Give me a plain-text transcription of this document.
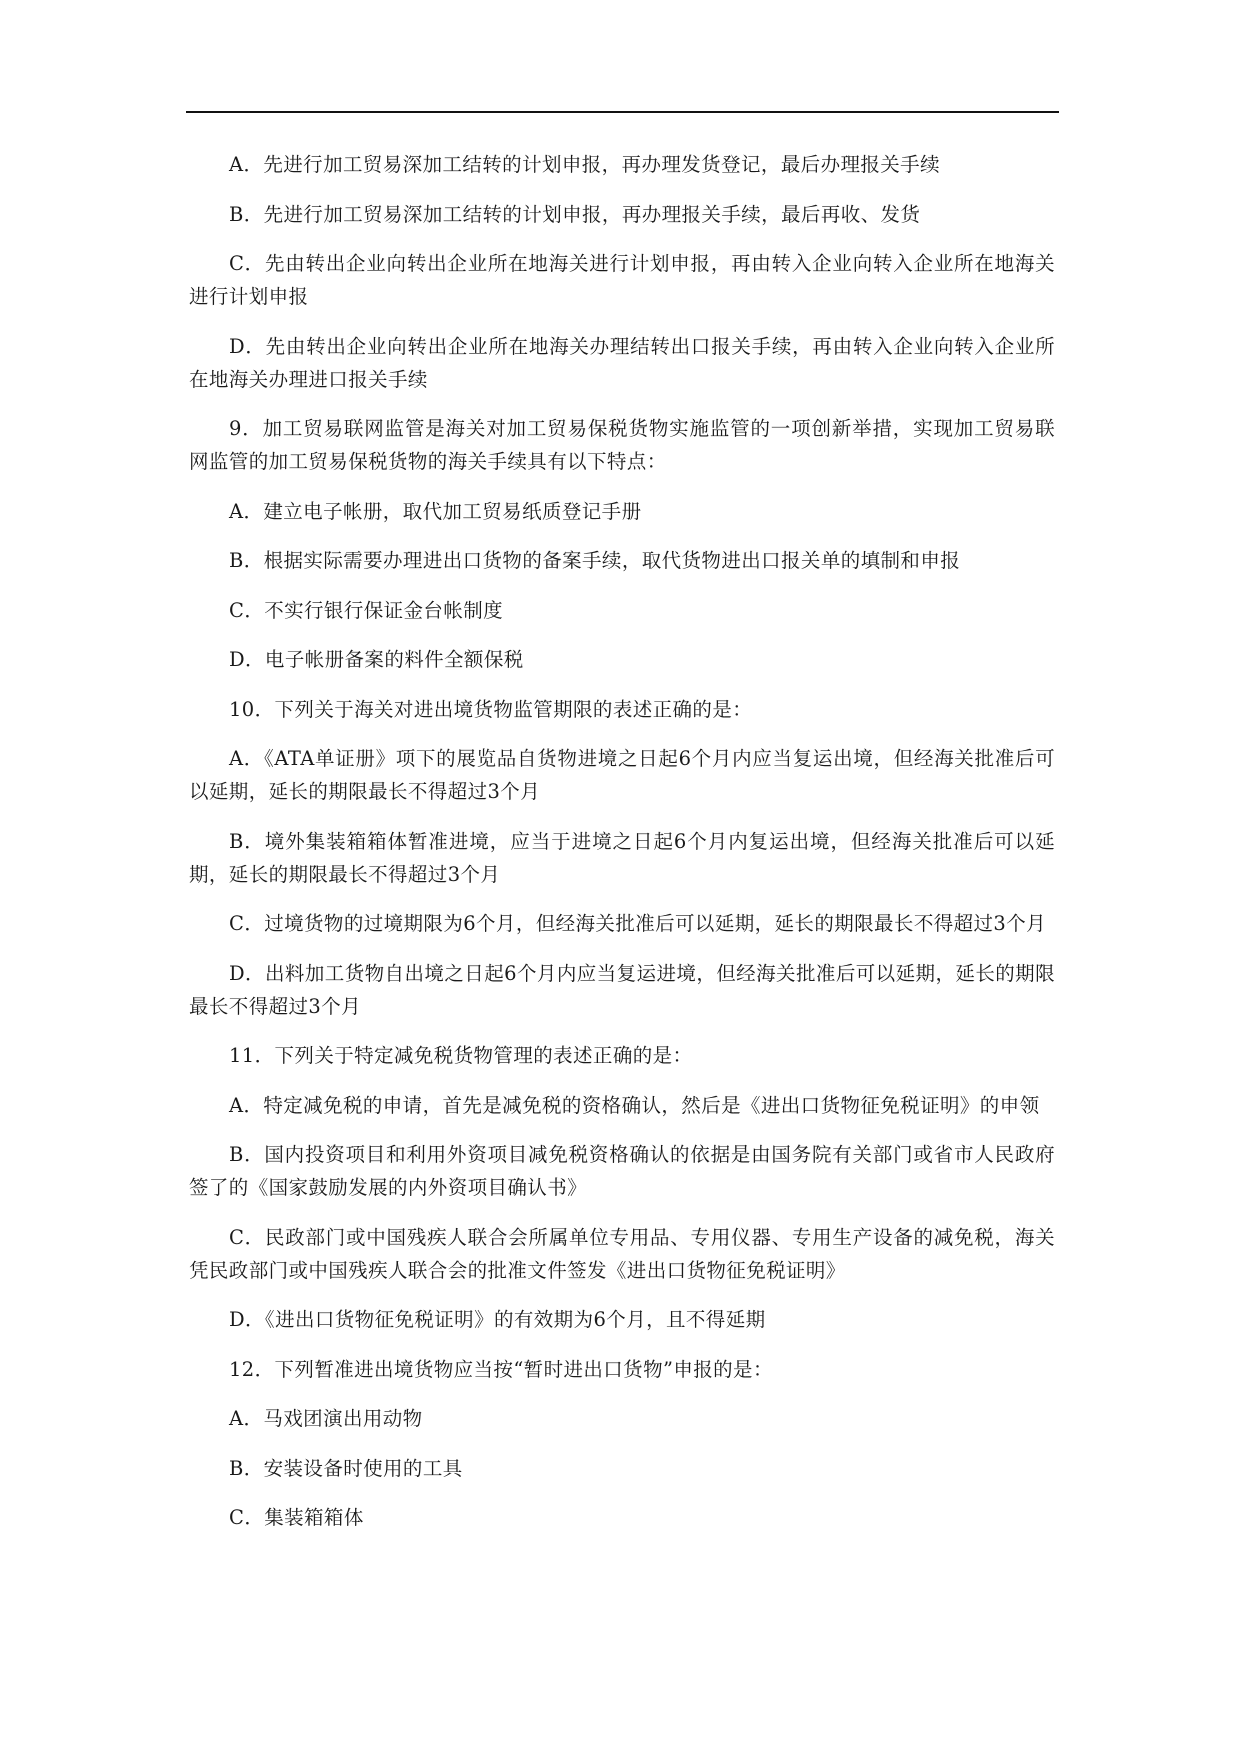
A．先进行加工贸易深加工结转的计划申报，再办理发货登记，最后办理报关手续

B．先进行加工贸易深加工结转的计划申报，再办理报关手续，最后再收、发货

C．先由转出企业向转出企业所在地海关进行计划申报，再由转入企业向转入企业所在地海关进行计划申报

D．先由转出企业向转出企业所在地海关办理结转出口报关手续，再由转入企业向转入企业所在地海关办理进口报关手续

9．加工贸易联网监管是海关对加工贸易保税货物实施监管的一项创新举措，实现加工贸易联网监管的加工贸易保税货物的海关手续具有以下特点：

A．建立电子帐册，取代加工贸易纸质登记手册

B．根据实际需要办理进出口货物的备案手续，取代货物进出口报关单的填制和申报

C．不实行银行保证金台帐制度

D．电子帐册备案的料件全额保税

10．下列关于海关对进出境货物监管期限的表述正确的是：

A．《ATA单证册》项下的展览品自货物进境之日起6个月内应当复运出境，但经海关批准后可以延期，延长的期限最长不得超过3个月

B．境外集装箱箱体暂准进境，应当于进境之日起6个月内复运出境，但经海关批准后可以延期，延长的期限最长不得超过3个月

C．过境货物的过境期限为6个月，但经海关批准后可以延期，延长的期限最长不得超过3个月

D．出料加工货物自出境之日起6个月内应当复运进境，但经海关批准后可以延期，延长的期限最长不得超过3个月

11．下列关于特定减免税货物管理的表述正确的是：

A．特定减免税的申请，首先是减免税的资格确认，然后是《进出口货物征免税证明》的申领

B．国内投资项目和利用外资项目减免税资格确认的依据是由国务院有关部门或省市人民政府签了的《国家鼓励发展的内外资项目确认书》

C．民政部门或中国残疾人联合会所属单位专用品、专用仪器、专用生产设备的减免税，海关凭民政部门或中国残疾人联合会的批准文件签发《进出口货物征免税证明》

D．《进出口货物征免税证明》的有效期为6个月，且不得延期

12．下列暂准进出境货物应当按“暂时进出口货物”申报的是：

A．马戏团演出用动物

B．安装设备时使用的工具

C．集装箱箱体
